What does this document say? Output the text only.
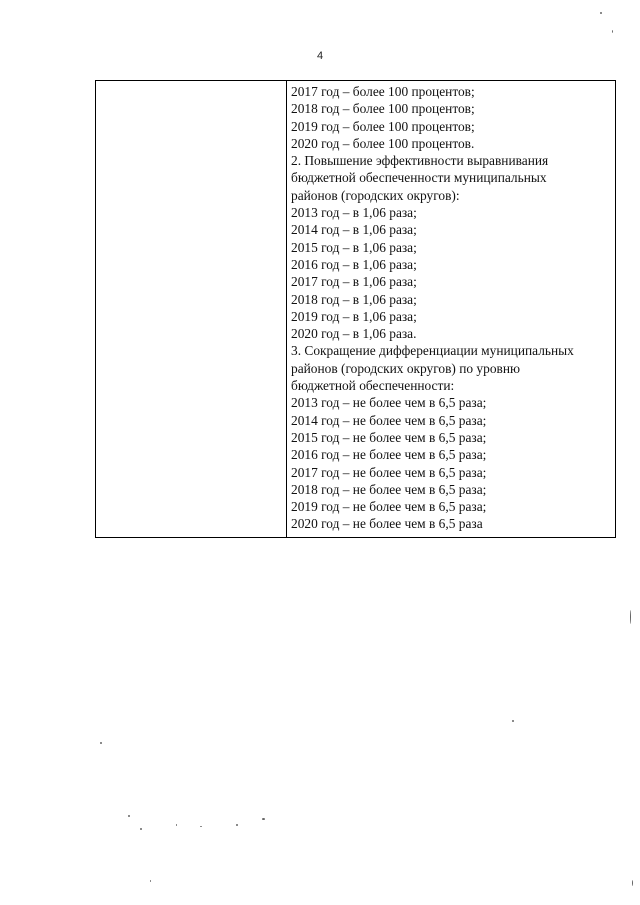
4

2017 год – более 100 процентов;
2018 год – более 100 процентов;
2019 год – более 100 процентов;
2020 год – более 100 процентов.
2. Повышение эффективности выравнивания
бюджетной обеспеченности муниципальных
районов (городских округов):
2013 год – в 1,06 раза;
2014 год – в 1,06 раза;
2015 год – в 1,06 раза;
2016 год – в 1,06 раза;
2017 год – в 1,06 раза;
2018 год – в 1,06 раза;
2019 год – в 1,06 раза;
2020 год – в 1,06 раза.
3. Сокращение дифференциации муниципальных
районов (городских округов) по уровню
бюджетной обеспеченности:
2013 год – не более чем в 6,5 раза;
2014 год – не более чем в 6,5 раза;
2015 год – не более чем в 6,5 раза;
2016 год – не более чем в 6,5 раза;
2017 год – не более чем в 6,5 раза;
2018 год – не более чем в 6,5 раза;
2019 год – не более чем в 6,5 раза;
2020 год – не более чем в 6,5 раза
